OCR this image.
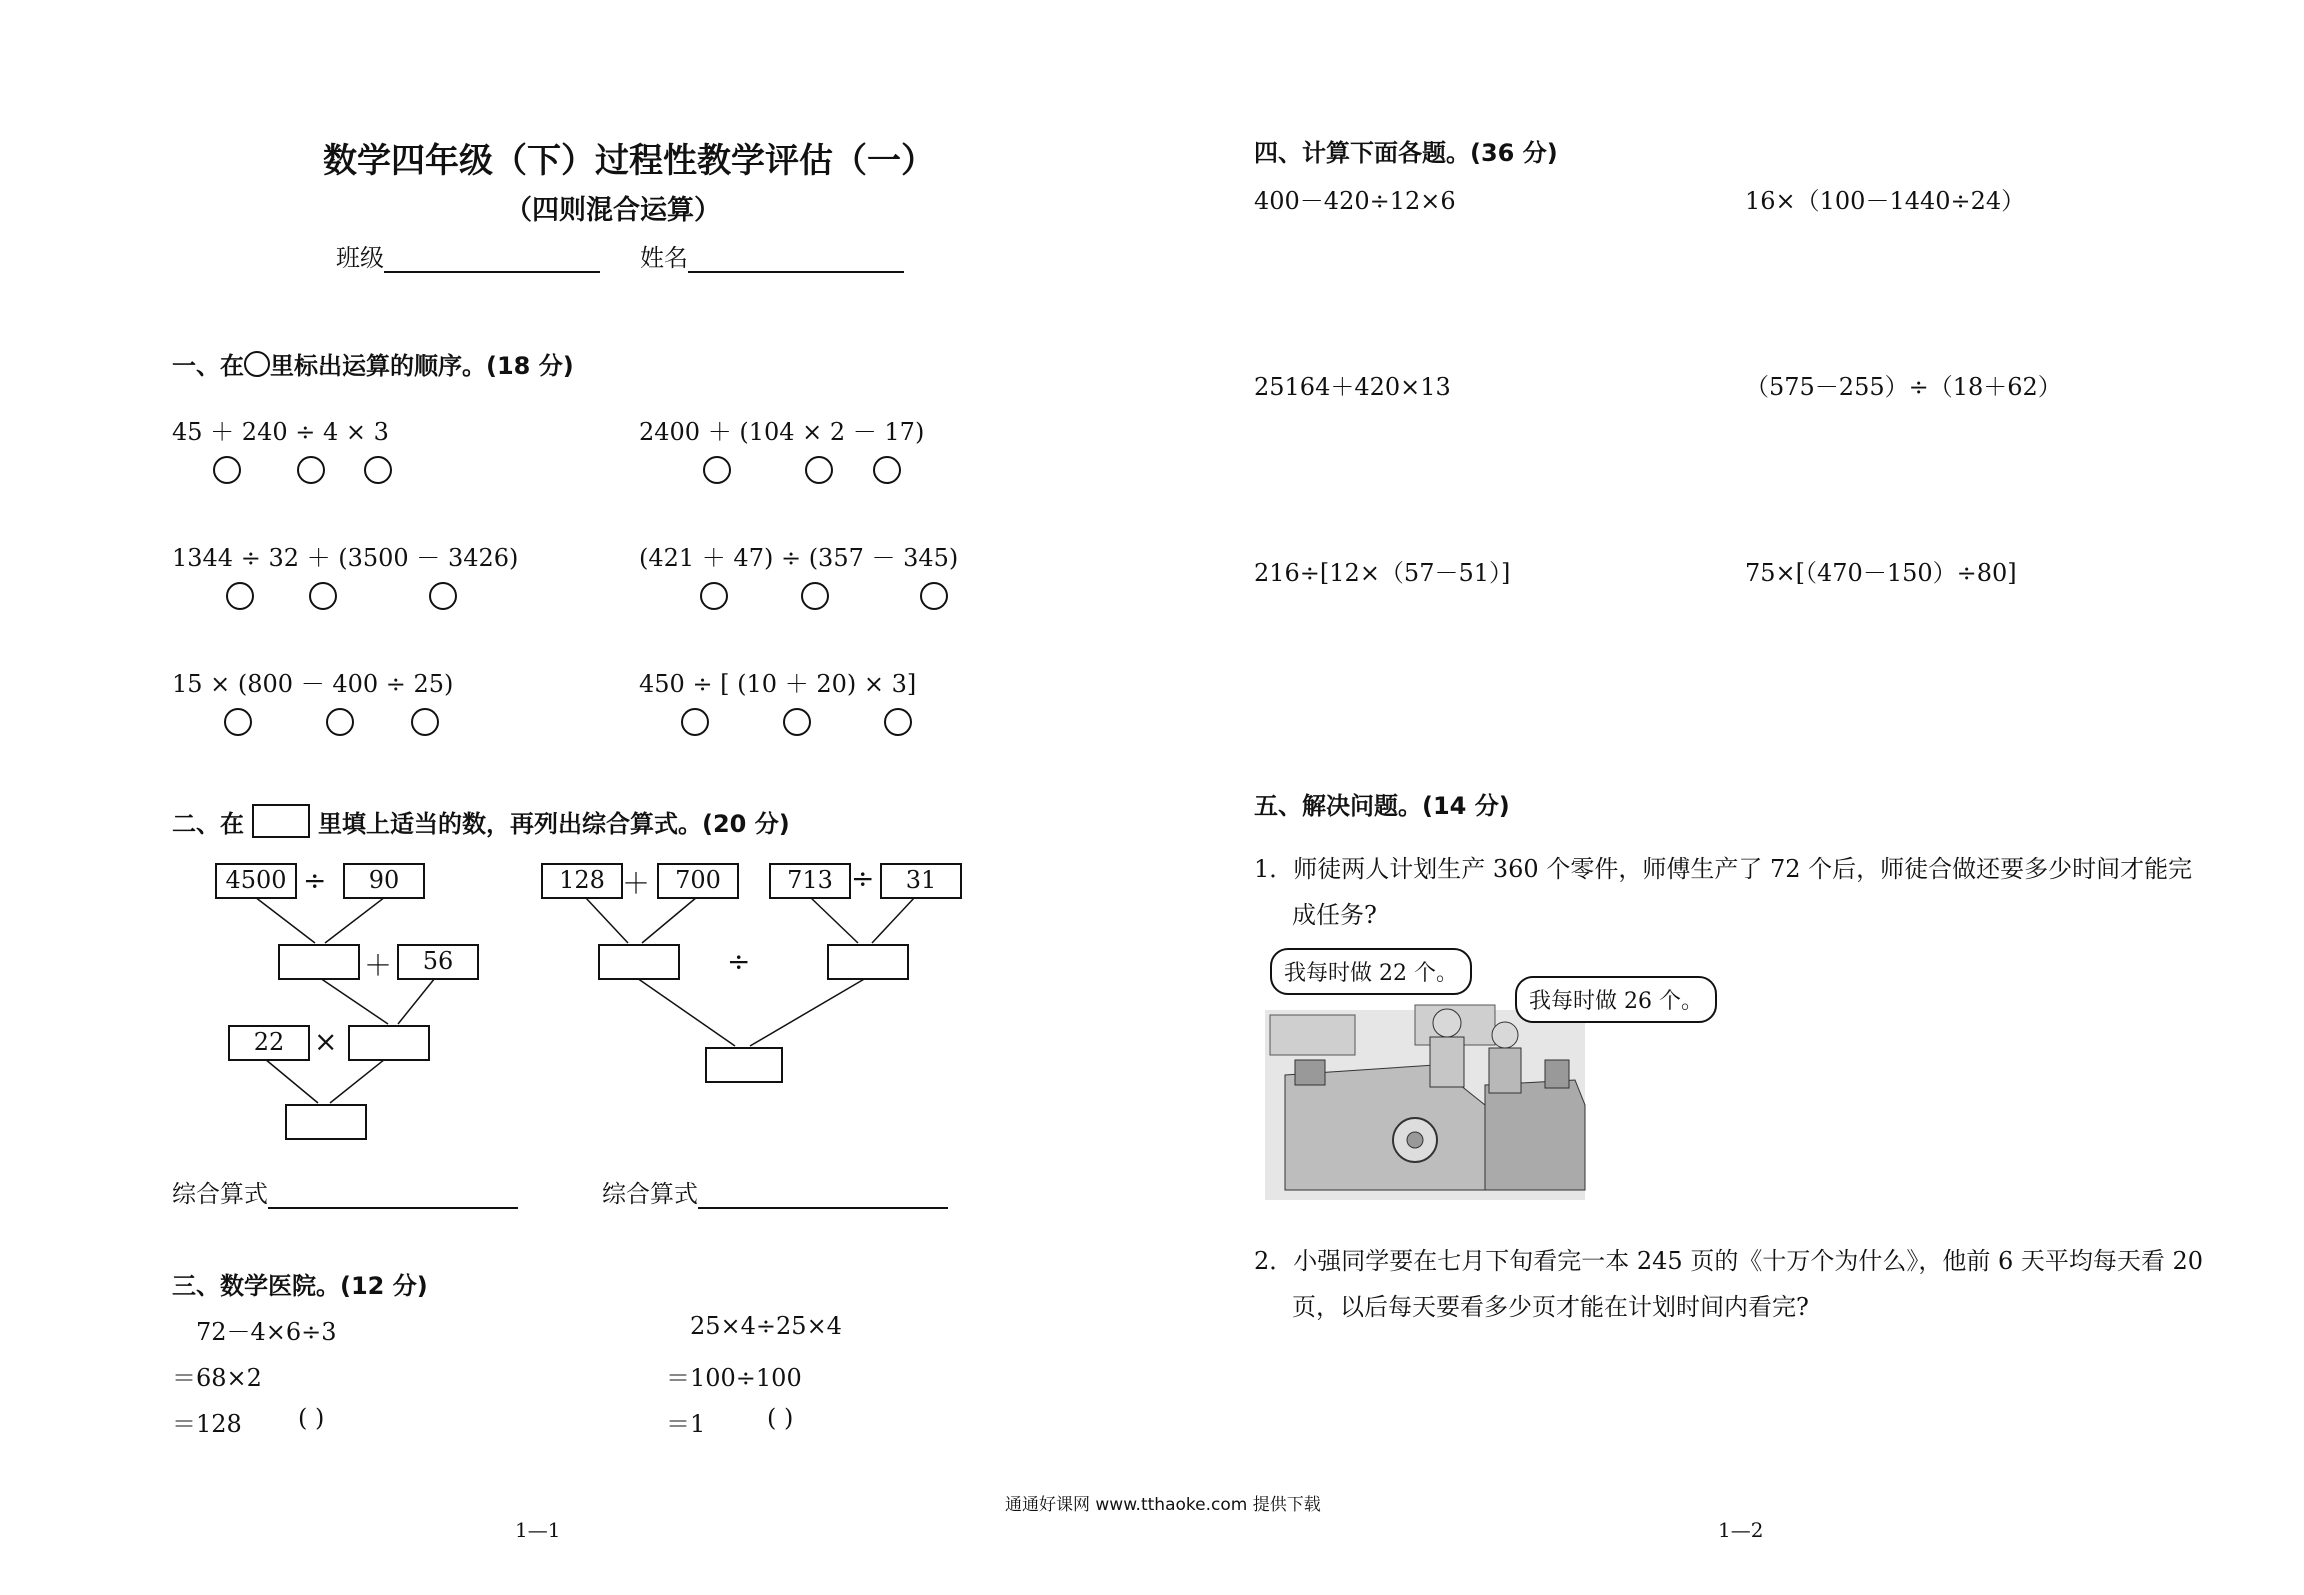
数学四年级（下）过程性教学评估（一）
（四则混合运算）
班级	姓名
一、在 里标出运算的顺序。(18 分)
45 ＋ 240 ÷ 4 × 3	2400 ＋ (104 × 2 － 17)
1344 ÷ 32 ＋ (3500 － 3426)	(421 ＋ 47) ÷ (357 － 345)
15 × (800 － 400 ÷ 25)	450 ÷ [ (10 ＋ 20) × 3]
二、在	里填上适当的数，再列出综合算式。(20 分)
4500 ÷	90
＋	56
22	×
128 ＋	700	713 ÷	31
÷
综合算式	综合算式
三、数学医院。(12 分)
72－4×6÷3
＝68×2
＝128 ( )
25×4÷25×4
＝100÷100
＝1	( )
四、计算下面各题。(36 分)
400－420÷12×6	16×（100－1440÷24）
25164＋420×13	（575－255）÷（18＋62）
216÷[12×（57－51）]	75×[（470－150）÷80]
五、解决问题。(14 分)
1．师徒两人计划生产 360 个零件，师傅生产了 72 个后，师徒合做还要多少时间才能完
成任务?
我每时做 22 个。
我每时做 26 个。
2．小强同学要在七月下旬看完一本 245 页的《十万个为什么》，他前 6 天平均每天看 20
页，以后每天要看多少页才能在计划时间内看完?
通通好课网 www.tthaoke.com 提供下载
1—1	1—2
